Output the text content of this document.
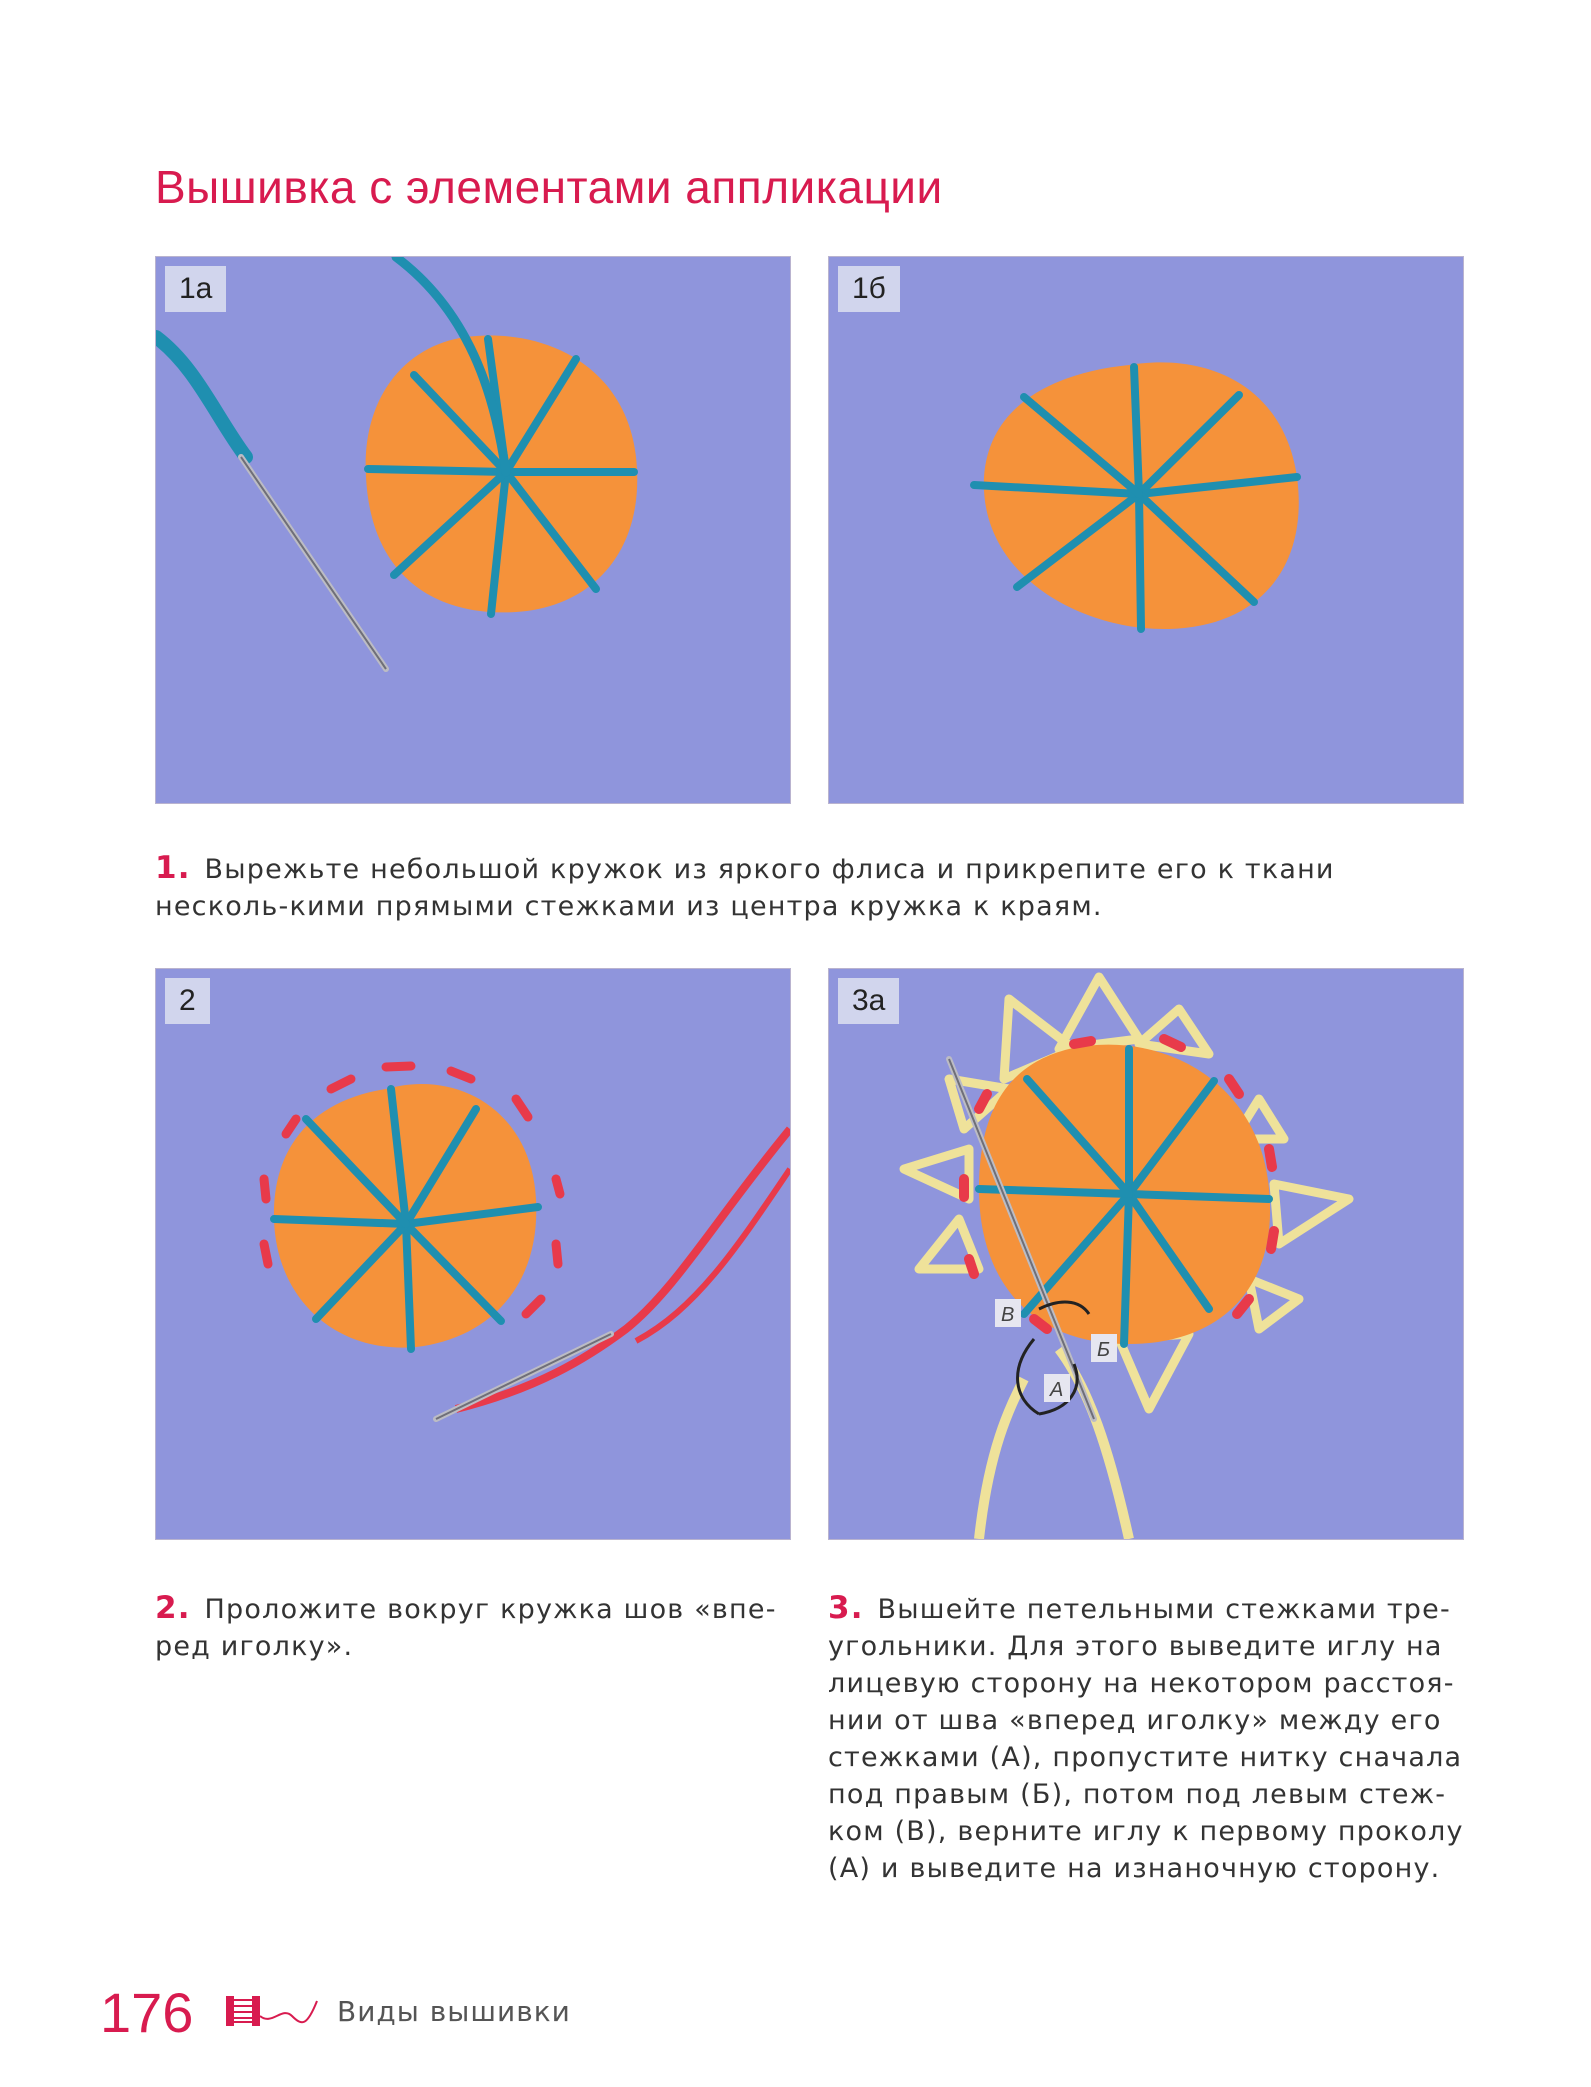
Вышивка с элементами аппликации
1а	1б
1. Вырежьте небольшой кружок из яркого флиса и прикрепите его к ткани несколь-кими прямыми стежками из центра кружка к краям.
2
В
Б
А
3а
2. Проложите вокруг кружка шов «впе-ред иголку».
3. Вышейте петельными стежками тре-угольники. Для этого выведите иглу на лицевую сторону на некотором расстоя-нии от шва «вперед иголку» между его стежками (А), пропустите нитку сначала под правым (Б), потом под левым стеж-ком (В), верните иглу к первому проколу (А) и выведите на изнаночную сторону.
176	Виды вышивки
